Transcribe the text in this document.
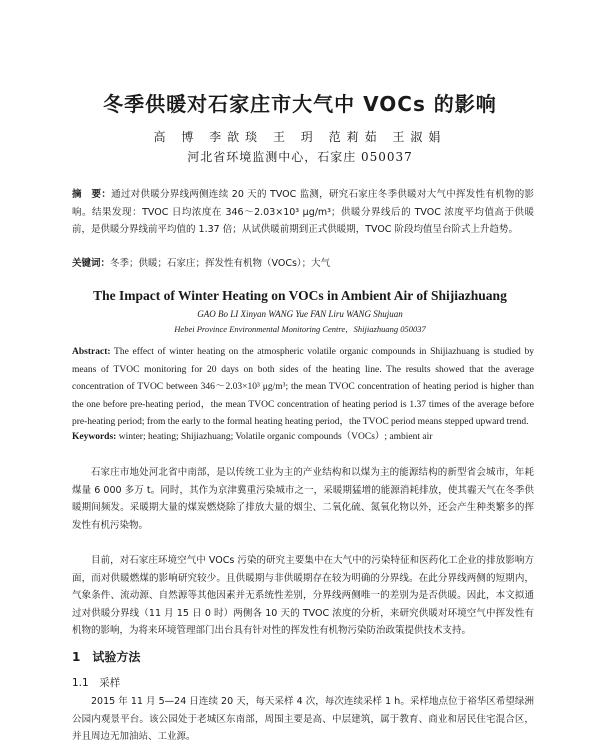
冬季供暖对石家庄市大气中 VOCs 的影响
高 博 李歆琰 王 玥 范莉茹 王淑娟
河北省环境监测中心，石家庄 050037
摘　要：通过对供暖分界线两侧连续 20 天的 TVOC 监测，研究石家庄冬季供暖对大气中挥发性有机物的影响。结果发现：TVOC 日均浓度在 346～2.03×10³ μg/m³；供暖分界线后的 TVOC 浓度平均值高于供暖前，是供暖分界线前平均值的 1.37 倍；从试供暖前期到正式供暖期，TVOC 阶段均值呈台阶式上升趋势。
关键词：冬季；供暖；石家庄；挥发性有机物（VOCs）；大气
The Impact of Winter Heating on VOCs in Ambient Air of Shijiazhuang
GAO Bo LI Xinyan WANG Yue FAN Liru WANG Shujuan
Hebei Province Environmental Monitoring Centre，Shijiazhuang 050037
Abstract: The effect of winter heating on the atmospheric volatile organic compounds in Shijiazhuang is studied by means of TVOC monitoring for 20 days on both sides of the heating line. The results showed that the average concentration of TVOC between 346～2.03×10³ μg/m³; the mean TVOC concentration of heating period is higher than the one before pre-heating period，the mean TVOC concentration of heating period is 1.37 times of the average before pre-heating period; from the early to the formal heating heating period，the TVOC period means stepped upward trend.
Keywords: winter; heating; Shijiazhuang; Volatile organic compounds（VOCs）; ambient air
石家庄市地处河北省中南部，是以传统工业为主的产业结构和以煤为主的能源结构的新型省会城市，年耗煤量 6 000 多万 t。同时，其作为京津冀重污染城市之一，采暖期猛增的能源消耗排放，使其霾天气在冬季供暖期间频发。采暖期大量的煤炭燃烧除了排放大量的烟尘、二氧化硫、氮氧化物以外，还会产生种类繁多的挥发性有机污染物。
目前，对石家庄环境空气中 VOCs 污染的研究主要集中在大气中的污染特征和医药化工企业的排放影响方面，而对供暖燃煤的影响研究较少。且供暖期与非供暖期存在较为明确的分界线。在此分界线两侧的短期内，气象条件、流动源、自然源等其他因素并无系统性差别，分界线两侧唯一的差别为是否供暖。因此，本文拟通过对供暖分界线（11 月 15 日 0 时）两侧各 10 天的 TVOC 浓度的分析，来研究供暖对环境空气中挥发性有机物的影响，为将来环境管理部门出台具有针对性的挥发性有机物污染防治政策提供技术支持。
1　试验方法
1.1　采样
2015 年 11 月 5—24 日连续 20 天，每天采样 4 次，每次连续采样 1 h。采样地点位于裕华区希望绿洲公园内观景平台。该公园处于老城区东南部，周围主要是高、中层建筑，属于教育、商业和居民住宅混合区，并且周边无加油站、工业源。
